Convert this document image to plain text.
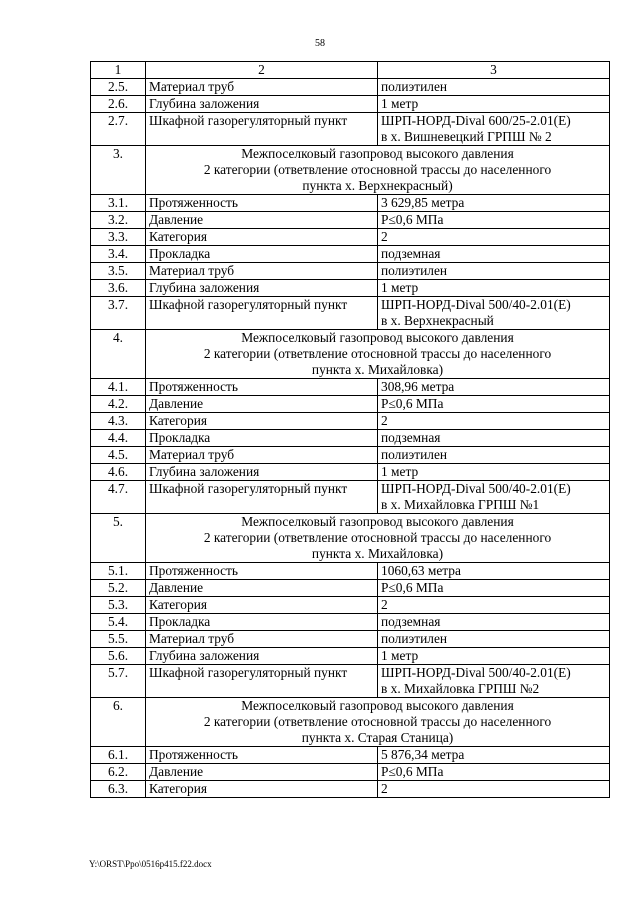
58
1	2	3
2.5.	Материал труб	полиэтилен

2.6.	Глубина заложения	1 метр

2.7.	Шкафной газорегуляторный пункт	ШРП-НОРД-Dival 600/25-2.01(Е)
в х. Вишневецкий ГРПШ № 2

3.	Межпоселковый газопровод высокого давления
2 категории (ответвление отосновной трассы до населенного
пункта х. Верхнекрасный)	

3.1.	Протяженность	3 629,85 метра

3.2.	Давление	Р≤0,6 МПа

3.3.	Категория	2

3.4.	Прокладка	подземная

3.5.	Материал труб	полиэтилен

3.6.	Глубина заложения	1 метр

3.7.	Шкафной газорегуляторный пункт	ШРП-НОРД-Dival 500/40-2.01(Е)
в х. Верхнекрасный

4.	Межпоселковый газопровод высокого давления
2 категории (ответвление отосновной трассы до населенного
пункта х. Михайловка)	

4.1.	Протяженность	308,96 метра

4.2.	Давление	Р≤0,6 МПа

4.3.	Категория	2

4.4.	Прокладка	подземная

4.5.	Материал труб	полиэтилен

4.6.	Глубина заложения	1 метр

4.7.	Шкафной газорегуляторный пункт	ШРП-НОРД-Dival 500/40-2.01(Е)
в х. Михайловка ГРПШ №1

5.	Межпоселковый газопровод высокого давления
2 категории (ответвление отосновной трассы до населенного
пункта х. Михайловка)	

5.1.	Протяженность	1060,63 метра

5.2.	Давление	Р≤0,6 МПа

5.3.	Категория	2

5.4.	Прокладка	подземная

5.5.	Материал труб	полиэтилен

5.6.	Глубина заложения	1 метр

5.7.	Шкафной газорегуляторный пункт	ШРП-НОРД-Dival 500/40-2.01(Е)
в х. Михайловка ГРПШ №2

6.	Межпоселковый газопровод высокого давления
2 категории (ответвление отосновной трассы до населенного
пункта х. Старая Станица)	

6.1.	Протяженность	5 876,34 метра

6.2.	Давление	Р≤0,6 МПа

6.3.	Категория	2
Y:\ORST\Ppo\0516p415.f22.docx
